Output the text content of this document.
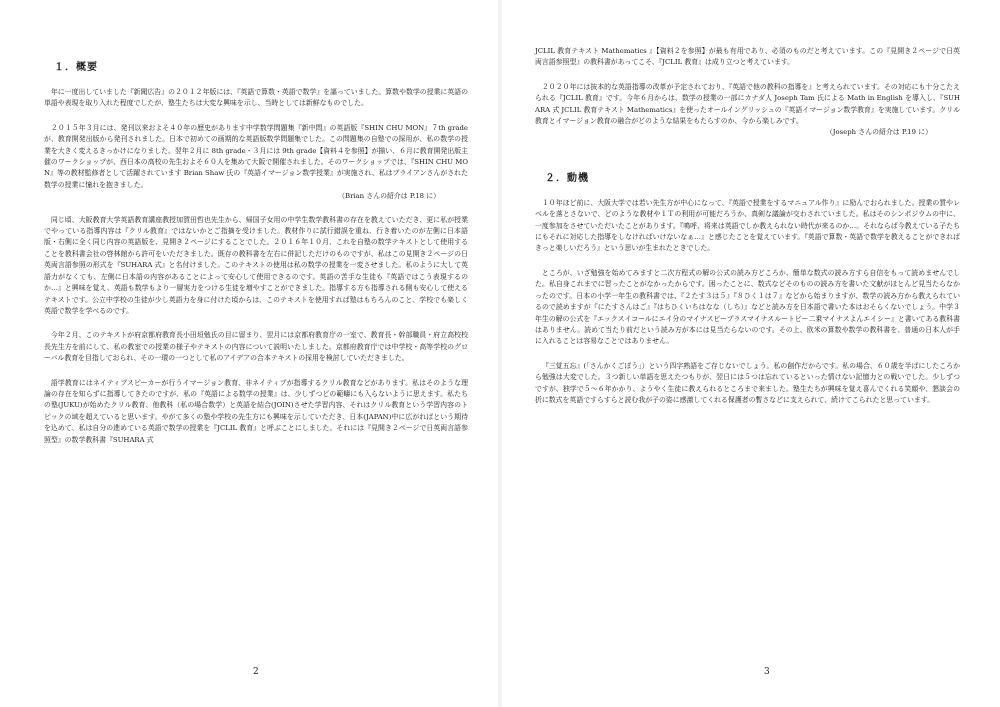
１．概要

年に一度出していました『新聞広告』の２０１２年版には、『英語で算数・英語で数学』を謳っていました。算数や数学の授業に英語の単語や表現を取り入れた程度でしたが、塾生たちは大変な興味を示し、当時としては新鮮なものでした。

２０１５年３月には、発刊以来およそ４０年の歴史があります中学数学問題集『新中問』の英語版『SHIN CHU MON』７th grade が、教育開発出版から発刊されました。日本で初めての画期的な英語版数学問題集でした。この問題集の自塾での採用が、私の数学の授業を大きく変えるきっかけになりました。翌年２月に 8th grade・３月には 9th grade【資料４を参照】が揃い、６月に教育開発出版主催のワークショップが、西日本の高校の先生およそ６０人を集めて大阪で開催されました。そのワークショップでは、『SHIN CHU MON』等の教材監修者として活躍されています Brian Shaw 氏の『英語イマージョン数学授業』が実施され、私はブライアンさんがされた数学の授業に憧れを抱きました。

（Brian さんの紹介は P.18 に）

同じ頃、大阪教育大学英語教育講座教授加賀田哲也先生から、帰国子女用の中学生数学教科書の存在を教えていただき、更に私が授業でやっている指導内容は『クリル教育』ではないかとご指摘を受けました。教材作りに試行錯誤を重ね、行き着いたのが左側に日本語版・右側に全く同じ内容の英語版を、見開き２ページにすることでした。２０１６年１０月、これを自塾の数学テキストとして使用することを教科書会社の啓林館から許可をいただきました。既存の教科書を左右に併記しただけのものですが、私はこの見開き２ページの日英両言語参照の形式を『SUHARA 式』と名付けました。このテキストの使用は私の数学の授業を一変させました。私のように大して英語力がなくても、左側に日本語の内容があることによって安心して使用できるのです。英語の苦手な生徒も『英語ではこう表現するのか…』と興味を覚え、英語も数学もより一層実力をつける生徒を増やすことができました。指導する方も指導される側も安心して使えるテキストです。公立中学校の生徒が少し英語力を身に付けた頃からは、このテキストを使用すれば塾はもちろんのこと、学校でも楽しく英語で数学を学べるのです。

今年２月、このテキストが府京都府教育長小田垣勉氏の目に留まり、翌月には京都府教育庁の一室で、教育長・幹部職員・府立高校校長先生方を前にして、私の教室での授業の様子やテキストの内容について説明いたしました。京都府教育庁では中学校・高等学校のグローバル教育を目指しておられ、その一環の一つとして私のアイデアの合本テキストの採用を検討していただきました。

語学教育にはネイティブスピーカーが行うイマージョン教育、非ネイティブが指導するクリル教育などがあります。私はそのような理論の存在を知らずに指導してきたのですが、私の『英語による数学の授業』は、少しずつどの範疇にも入らないように思えます。私たちの塾(JUKU)が始めたクリル教育、他教科（私の場合数学）と英語を結合(JOIN)させた学習内容、それはクリル教育という学習内容のトピックの域を超えていると思います。やがて多くの塾や学校の先生方にも興味を示していただき、日本(JAPAN)中に広がればという期待を込めて、私は自分の進めている英語で数学の授業を『JCLIL 教育』と呼ぶことにしました。それには『見開き２ページで日英両言語参照型』の数学教科書『SUHARA 式

2

JCLIL 教育テキスト Mathematics 』【資料２を参照】が最も有用であり、必須のものだと考えています。この『見開き２ページで日英両言語参照型』の教科書があってこそ、『JCLIL 教育』は成り立つと考えています。

２０２０年には抜本的な英語指導の改革が予定されており、『英語で他の教科の指導を』と考えられています。その対応にも十分こたえられる『JCLIL 教育』です。今年６月からは、数学の授業の一部にカナダ人 Joseph Tam 氏による Math in English を導入し、『SUHARA 式 JCLIL 教育テキスト Mathematics』を使ったオールイングリッシュの『英語イマージョン数学教育』を実施しています。クリル教育とイマージョン教育の融合がどのような結果をもたらすのか、今から楽しみです。

（Joseph さんの紹介は P.19 に）
２．動機

１０年ほど前に、大阪大学では若い先生方が中心になって、『英語で授業をするマニュアル作り』に励んでおられました。授業の質やレベルを落とさないで、どのような教材や１Ｔの利用が可能だろうか、真剣な議論が交わされていました。私はそのシンポジウムの中に、一度参加をさせていただいたことがあります。『鳴呼、将来は英語でしか教えられない時代が来るのか…。それならば今教えている子たちにもそれに対応した指導をしなければいけないなぁ…』と感じたことを覚えています。『英語で算数・英語で数学を教えることができればきっと楽しいだろう』という思いが生まれたときでした。

ところが、いざ勉強を始めてみますと二次方程式の解の公式の読み方どころか、簡単な数式の読み方すら自信をもって読めませんでした。私自身これまでに習ったことがなかったからです。困ったことに、数式などそのものの読み方を書いた文献がほとんど見当たらなかったのです。日本の小学一年生の教科書では、『２たす３は５』『８ひく１は７』などから始まりますが、数学の読み方から教えられているので読めますが『にたすさんはご』『はちひくいちはなな（しち）』などと読み方を日本語で書いた本はおそらくないでしょう。中学３年生の解の公式を『エックスイコールにエイ分のマイナスビープラスマイナスルートビー二乗マイナスよんエイシー』と書いてある教科書はありません。読めて当たり前だという読み方が本には見当たらないのです。その上、欧米の算数や数学の教科書を、普通の日本人が手に入れることは容易なことではありません。

『三覚五忘』(「さんかくごぼう」）という四字熟語をご存じないでしょう。私の創作だからです。私の場合、６０歳を半ばにしたころから勉強は大変でした。３つ新しい単語を思えたつもりが、翌日には５つは忘れているといった情けない記憶力との戦いでした。少しずつですが、独学で５～６年かかり、ようやく生徒に教えられるところまで来ました。塾生たちが興味を覚え喜んでくれる笑顔や、懇談会の折に数式を英語ですらすらと読む我が子の姿に感激してくれる保護者の暫さなどに支えられて、続けてこられたと思っています。

3
